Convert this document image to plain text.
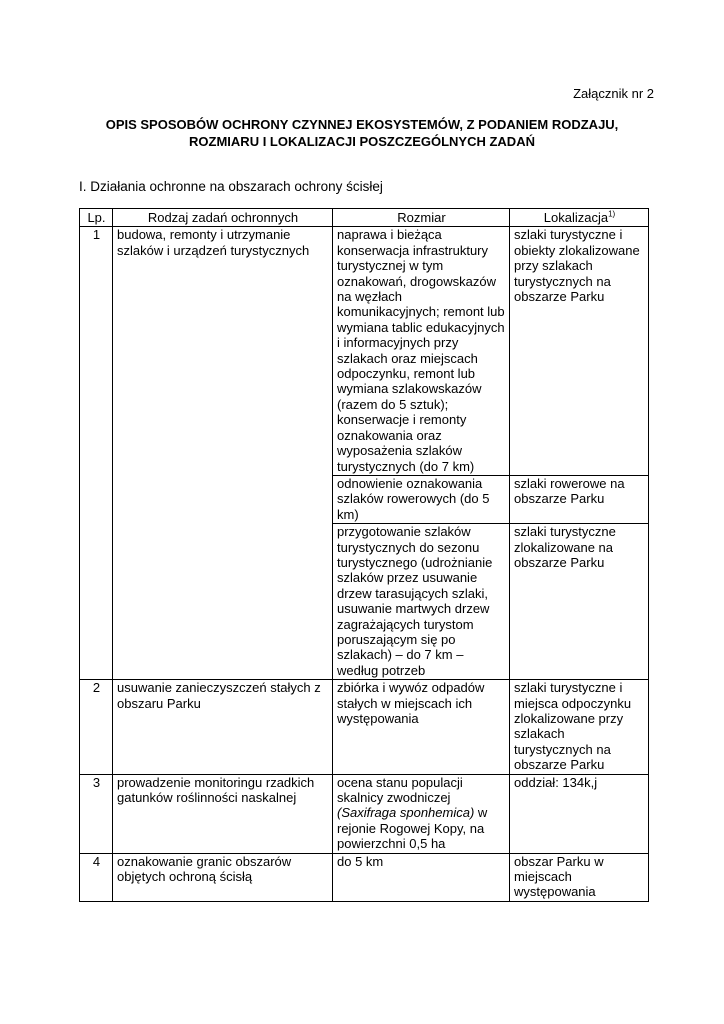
Załącznik nr 2
OPIS SPOSOBÓW OCHRONY CZYNNEJ EKOSYSTEMÓW, Z PODANIEM RODZAJU,
ROZMIARU I LOKALIZACJI POSZCZEGÓLNYCH ZADAŃ
I. Działania ochronne na obszarach ochrony ścisłej
Lp.	Rodzaj zadań ochronnych	Rozmiar	Lokalizacja$^{1)}$
1	budowa, remonty i utrzymanie szlaków i urządzeń turystycznych	naprawa i bieżąca konserwacja infrastruktury turystycznej w tym oznakowań, drogowskazów na węzłach komunikacyjnych; remont lub wymiana tablic edukacyjnych i informacyjnych przy szlakach oraz miejscach odpoczynku, remont lub wymiana szlakowskazów (razem do 5 sztuk); konserwacje i remonty oznakowania oraz wyposażenia szlaków turystycznych (do 7 km)	szlaki turystyczne i obiekty zlokalizowane przy szlakach turystycznych na obszarze Parku
		odnowienie oznakowania szlaków rowerowych (do 5 km)	szlaki rowerowe na obszarze Parku
		przygotowanie szlaków turystycznych do sezonu turystycznego (udrożnianie szlaków przez usuwanie drzew tarasujących szlaki, usuwanie martwych drzew zagrażających turystom poruszającym się po szlakach) – do 7 km – według potrzeb	szlaki turystyczne zlokalizowane na obszarze Parku
2	usuwanie zanieczyszczeń stałych z obszaru Parku	zbiórka i wywóz odpadów stałych w miejscach ich występowania	szlaki turystyczne i miejsca odpoczynku zlokalizowane przy szlakach turystycznych na obszarze Parku
3	prowadzenie monitoringu rzadkich gatunków roślinności naskalnej	ocena stanu populacji skalnicy zwodniczej (Saxifraga sponhemica) w rejonie Rogowej Kopy, na powierzchni 0,5 ha	oddział: 134k,j
4	oznakowanie granic obszarów objętych ochroną ścisłą	do 5 km	obszar Parku w miejscach występowania
